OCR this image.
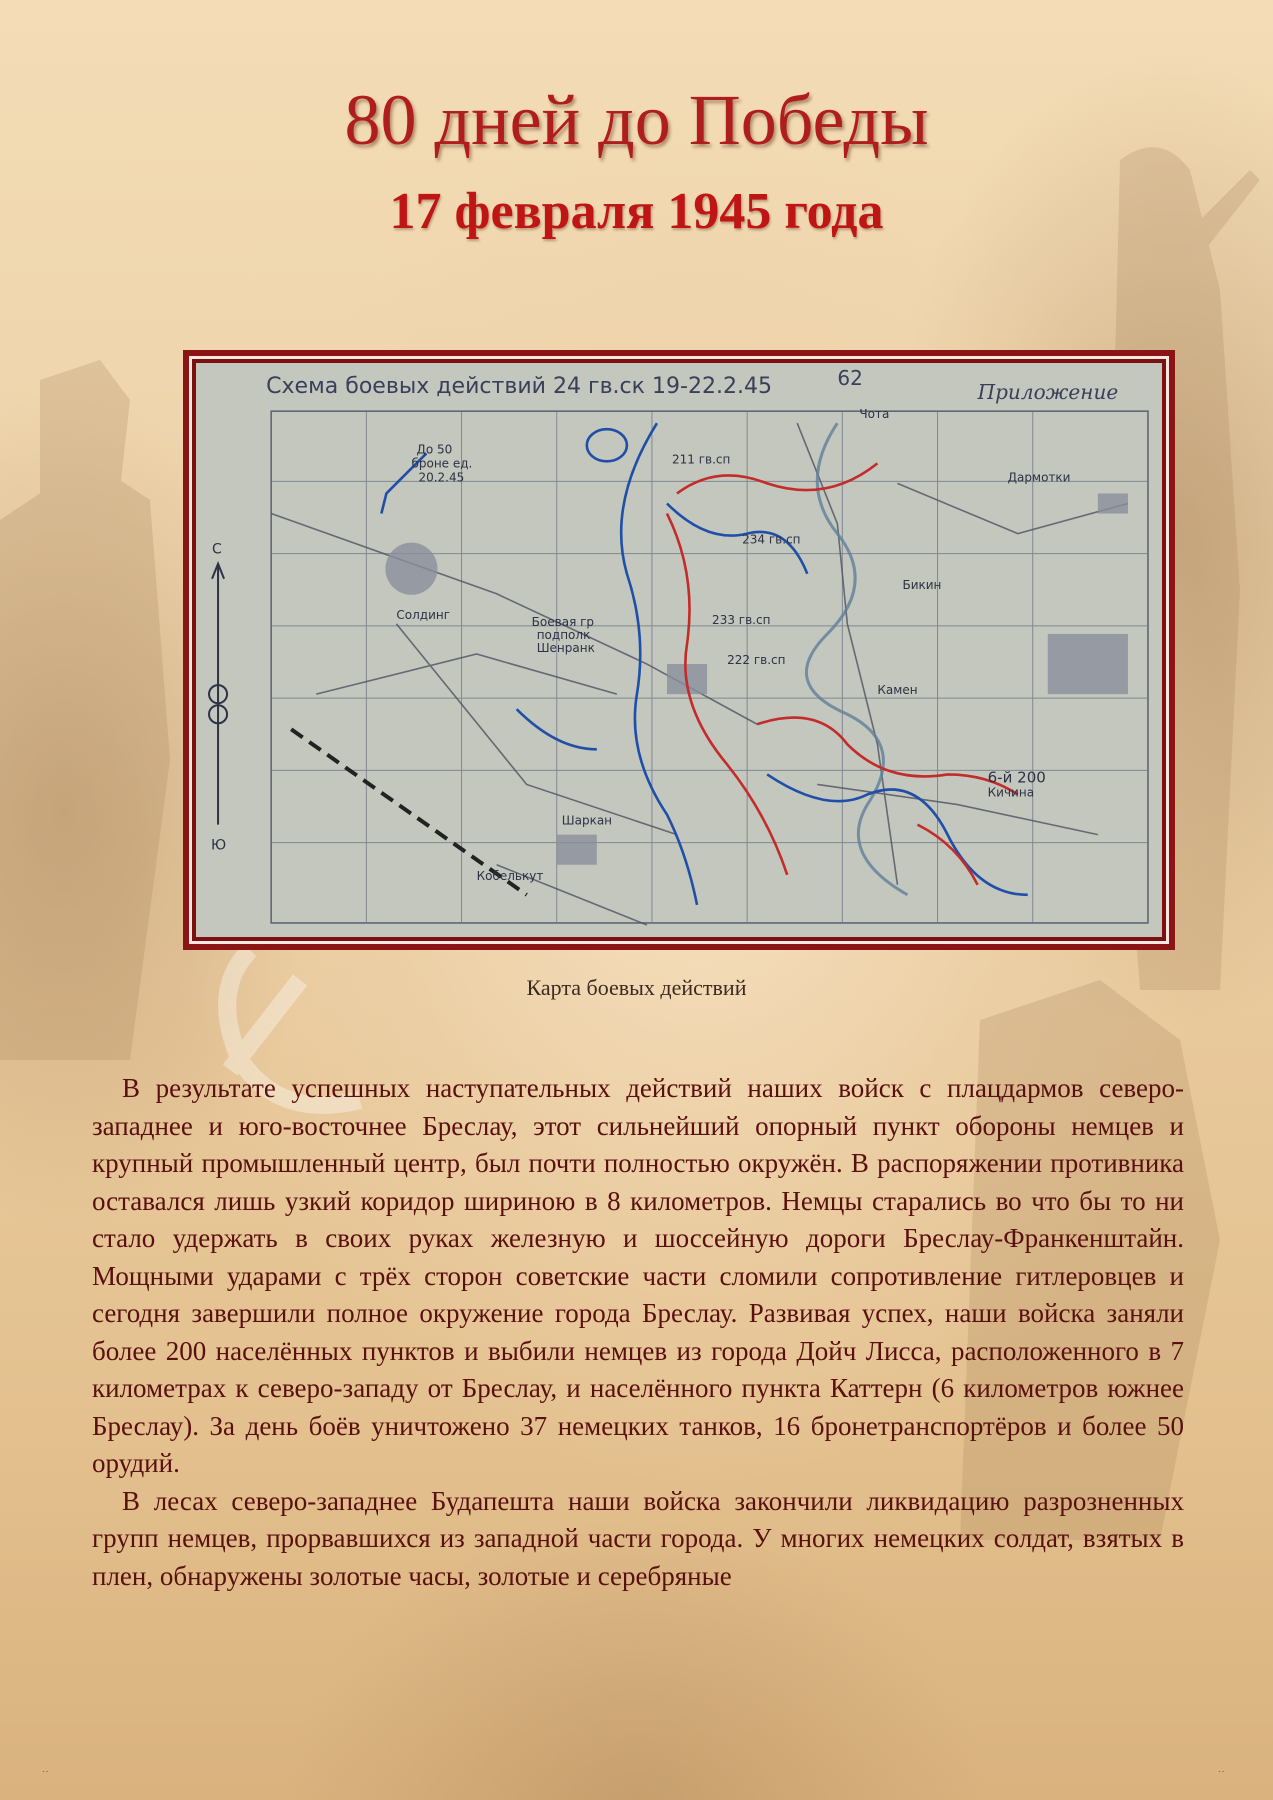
80 дней до Победы
17 февраля 1945 года
Схема боевых действий 24 гв.ск 19-22.2.45	62
Приложение
Чота
Дармотки
Бикин
Солдинг
Боевая гр
подполк
Шенранк
Камен
Шаркан
Кобелькут
Кичина
До 50
броне ед.
20.2.45
211 гв.сп
233 гв.сп
222 гв.сп
234 гв.сп
6-й 200
С
Ю
Карта боевых действий

В результате успешных наступательных действий наших войск с плацдармов северо-западнее и юго-восточнее Бреслау, этот сильнейший опорный пункт обороны немцев и крупный промышленный центр, был почти полностью окружён. В распоряжении противника оставался лишь узкий коридор шириною в 8 километров. Немцы старались во что бы то ни стало удержать в своих руках железную и шоссейную дороги Бреслау-Франкенштайн. Мощными ударами с трёх сторон советские части сломили сопротивление гитлеровцев и сегодня завершили полное окружение города Бреслау. Развивая успех, наши войска заняли более 200 населённых пунктов и выбили немцев из города Дойч Лисса, расположенного в 7 километрах к северо-западу от Бреслау, и населённого пункта Каттерн (6 километров южнее Бреслау). За день боёв уничтожено 37 немецких танков, 16 бронетранспортёров и более 50 орудий.

В лесах северо-западнее Будапешта наши войска закончили ликвидацию разрозненных групп немцев, прорвавшихся из западной части города. У многих немецких солдат, взятых в плен, обнаружены золотые часы, золотые и серебряные

˙˙	˙˙
